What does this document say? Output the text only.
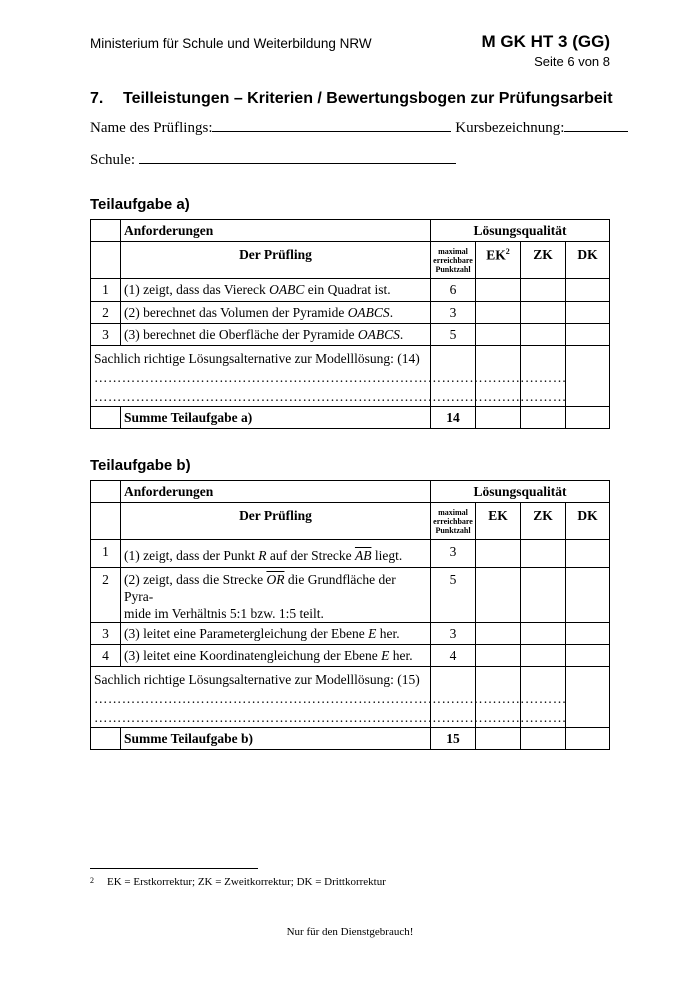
Ministerium für Schule und Weiterbildung NRW	M GK HT 3 (GG)
Seite 6 von 8
7. Teilleistungen – Kriterien / Bewertungsbogen zur Prüfungsarbeit
Name des Prüflings:	Kursbezeichnung:
Schule:
Teilaufgabe a)
	Anforderungen	Lösungsqualität			
	Der Prüfling	maximal erreichbare Punktzahl	$EK^2$	ZK	DK
1	(1) zeigt, dass das Viereck OABC ein Quadrat ist.	6			
2	(2) berechnet das Volumen der Pyramide OABCS.	3			
3	(3) berechnet die Oberfläche der Pyramide OABCS.	5			

Sachlich richtige Lösungsalternative zur Modelllösung: (14)
…………………………………………………………………………………………
…………………………………………………………………………………………					

	Summe Teilaufgabe a)	14			
Teilaufgabe b)
	Anforderungen	Lösungsqualität			
	Der Prüfling	maximal erreichbare Punktzahl	EK	ZK	DK
1	(1) zeigt, dass der Punkt R auf der Strecke $\overline{AB}$ liegt.	3			
2	(2) zeigt, dass die Strecke $\overline{OR}$ die Grundfläche der Pyra-
mide im Verhältnis 5:1 bzw. 1:5 teilt.	5			
3	(3) leitet eine Parametergleichung der Ebene E her.	3			
4	(3) leitet eine Koordinatengleichung der Ebene E her.	4			

Sachlich richtige Lösungsalternative zur Modelllösung: (15)
…………………………………………………………………………………………
…………………………………………………………………………………………					

	Summe Teilaufgabe b)	15			
2 EK = Erstkorrektur; ZK = Zweitkorrektur; DK = Drittkorrektur
Nur für den Dienstgebrauch!
